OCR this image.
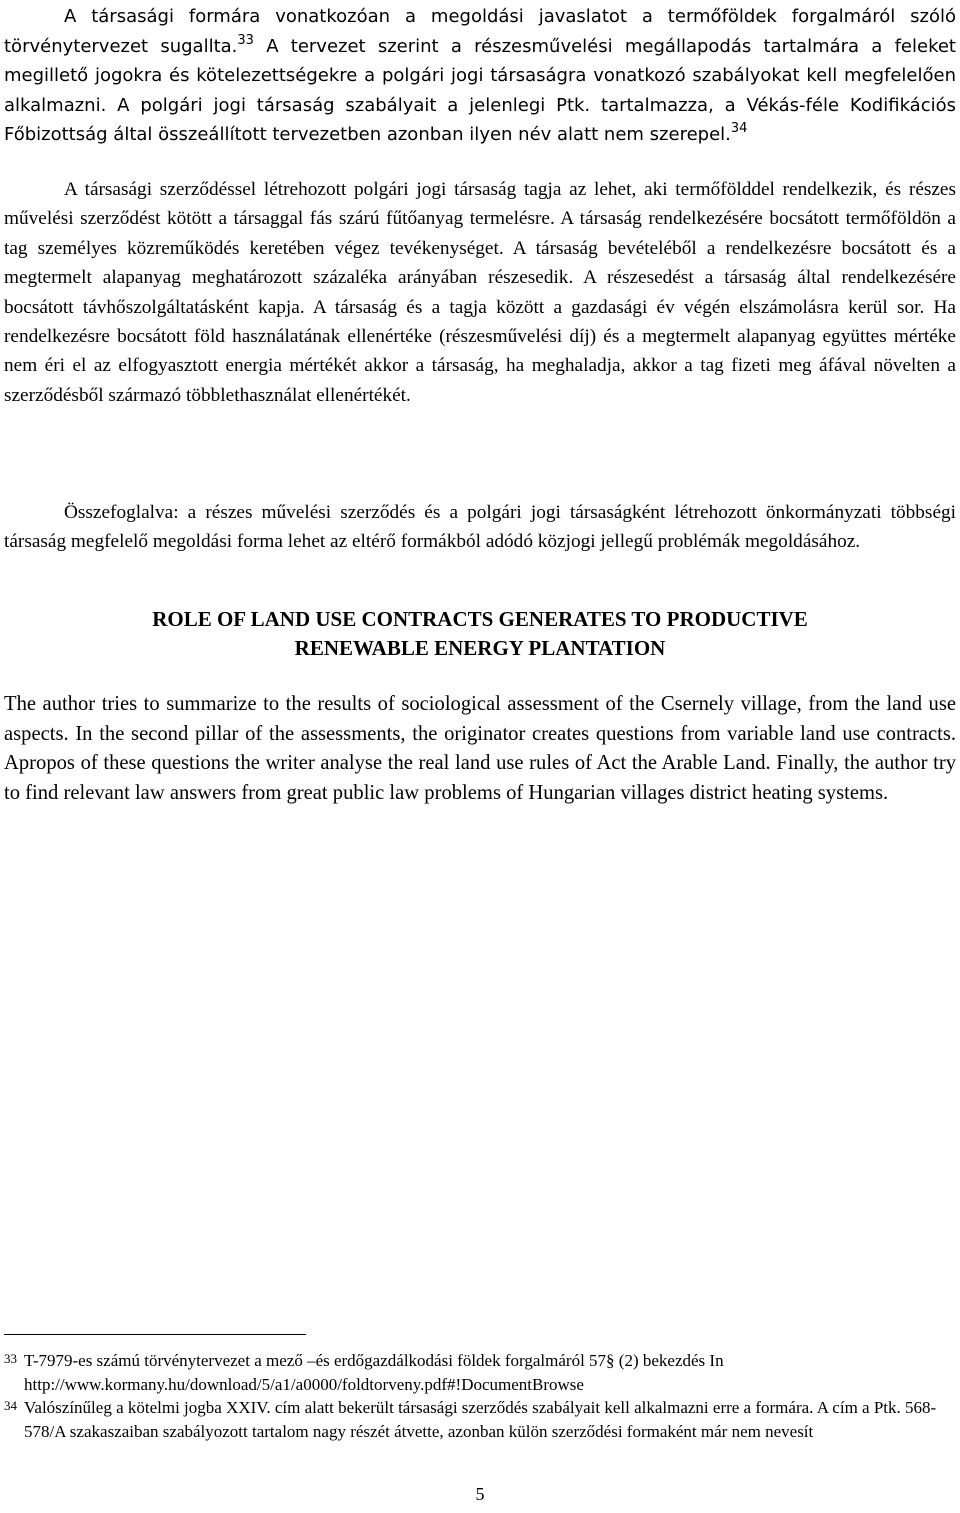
A társasági formára vonatkozóan a megoldási javaslatot a termőföldek forgalmáról szóló törvénytervezet sugallta.$^{33}$ A tervezet szerint a részesművelési megállapodás tartalmára a feleket megillető jogokra és kötelezettségekre a polgári jogi társaságra vonatkozó szabályokat kell megfelelően alkalmazni. A polgári jogi társaság szabályait a jelenlegi Ptk. tartalmazza, a Vékás-féle Kodifikációs Főbizottság által összeállított tervezetben azonban ilyen név alatt nem szerepel.$^{34}$
A társasági szerződéssel létrehozott polgári jogi társaság tagja az lehet, aki termőfölddel rendelkezik, és részes művelési szerződést kötött a társaggal fás szárú fűtőanyag termelésre. A társaság rendelkezésére bocsátott termőföldön a tag személyes közreműködés keretében végez tevékenységet. A társaság bevételéből a rendelkezésre bocsátott és a megtermelt alapanyag meghatározott százaléka arányában részesedik. A részesedést a társaság által rendelkezésére bocsátott távhőszolgáltatásként kapja. A társaság és a tagja között a gazdasági év végén elszámolásra kerül sor. Ha rendelkezésre bocsátott föld használatának ellenértéke (részesművelési díj) és a megtermelt alapanyag együttes mértéke nem éri el az elfogyasztott energia mértékét akkor a társaság, ha meghaladja, akkor a tag fizeti meg áfával növelten a szerződésből származó többlethasználat ellenértékét.
Összefoglalva: a részes művelési szerződés és a polgári jogi társaságként létrehozott önkormányzati többségi társaság megfelelő megoldási forma lehet az eltérő formákból adódó közjogi jellegű problémák megoldásához.
ROLE OF LAND USE CONTRACTS GENERATES TO PRODUCTIVE
RENEWABLE ENERGY PLANTATION
The author tries to summarize to the results of sociological assessment of the Csernely village, from the land use aspects. In the second pillar of the assessments, the originator creates questions from variable land use contracts. Apropos of these questions the writer analyse the real land use rules of Act the Arable Land. Finally, the author try to find relevant law answers from great public law problems of Hungarian villages district heating systems.
33 T-7979-es számú törvénytervezet a mező –és erdőgazdálkodási földek forgalmáról 57§ (2) bekezdés In http://www.kormany.hu/download/5/a1/a0000/foldtorveny.pdf#!DocumentBrowse
34 Valószínűleg a kötelmi jogba XXIV. cím alatt bekerült társasági szerződés szabályait kell alkalmazni erre a formára. A cím a Ptk. 568-578/A szakaszaiban szabályozott tartalom nagy részét átvette, azonban külön szerződési formaként már nem nevesít
5
